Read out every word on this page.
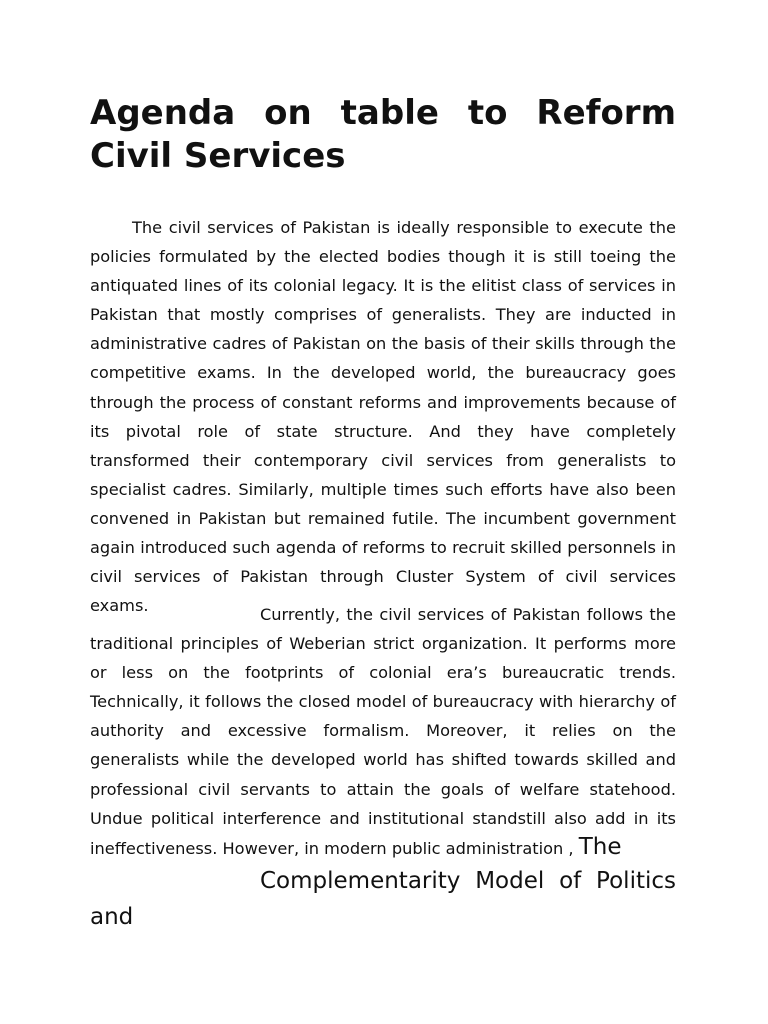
Agenda on table to Reform Civil Services

The civil services of Pakistan is ideally responsible to execute the policies formulated by the elected bodies though it is still toeing the antiquated lines of its colonial legacy. It is the elitist class of services in Pakistan that mostly comprises of generalists. They are inducted in administrative cadres of Pakistan on the basis of their skills through the competitive exams. In the developed world, the bureaucracy goes through the process of constant reforms and improvements because of its pivotal role of state structure. And they have completely transformed their contemporary civil services from generalists to specialist cadres. Similarly, multiple times such efforts have also been convened in Pakistan but remained futile. The incumbent government again introduced such agenda of reforms to recruit skilled personnels in civil services of Pakistan through Cluster System of civil services exams.	Currently, the civil services of Pakistan follows the traditional principles of Weberian strict organization. It performs more or less on the footprints of colonial era’s bureaucratic trends. Technically, it follows the closed model of bureaucracy with hierarchy of authority and excessive formalism. Moreover, it relies on the generalists while the developed world has shifted towards skilled and professional civil servants to attain the goals of welfare statehood. Undue political interference and institutional standstill also add in its ineffectiveness. However, in modern public administration , The
Complementarity Model of Politics and
